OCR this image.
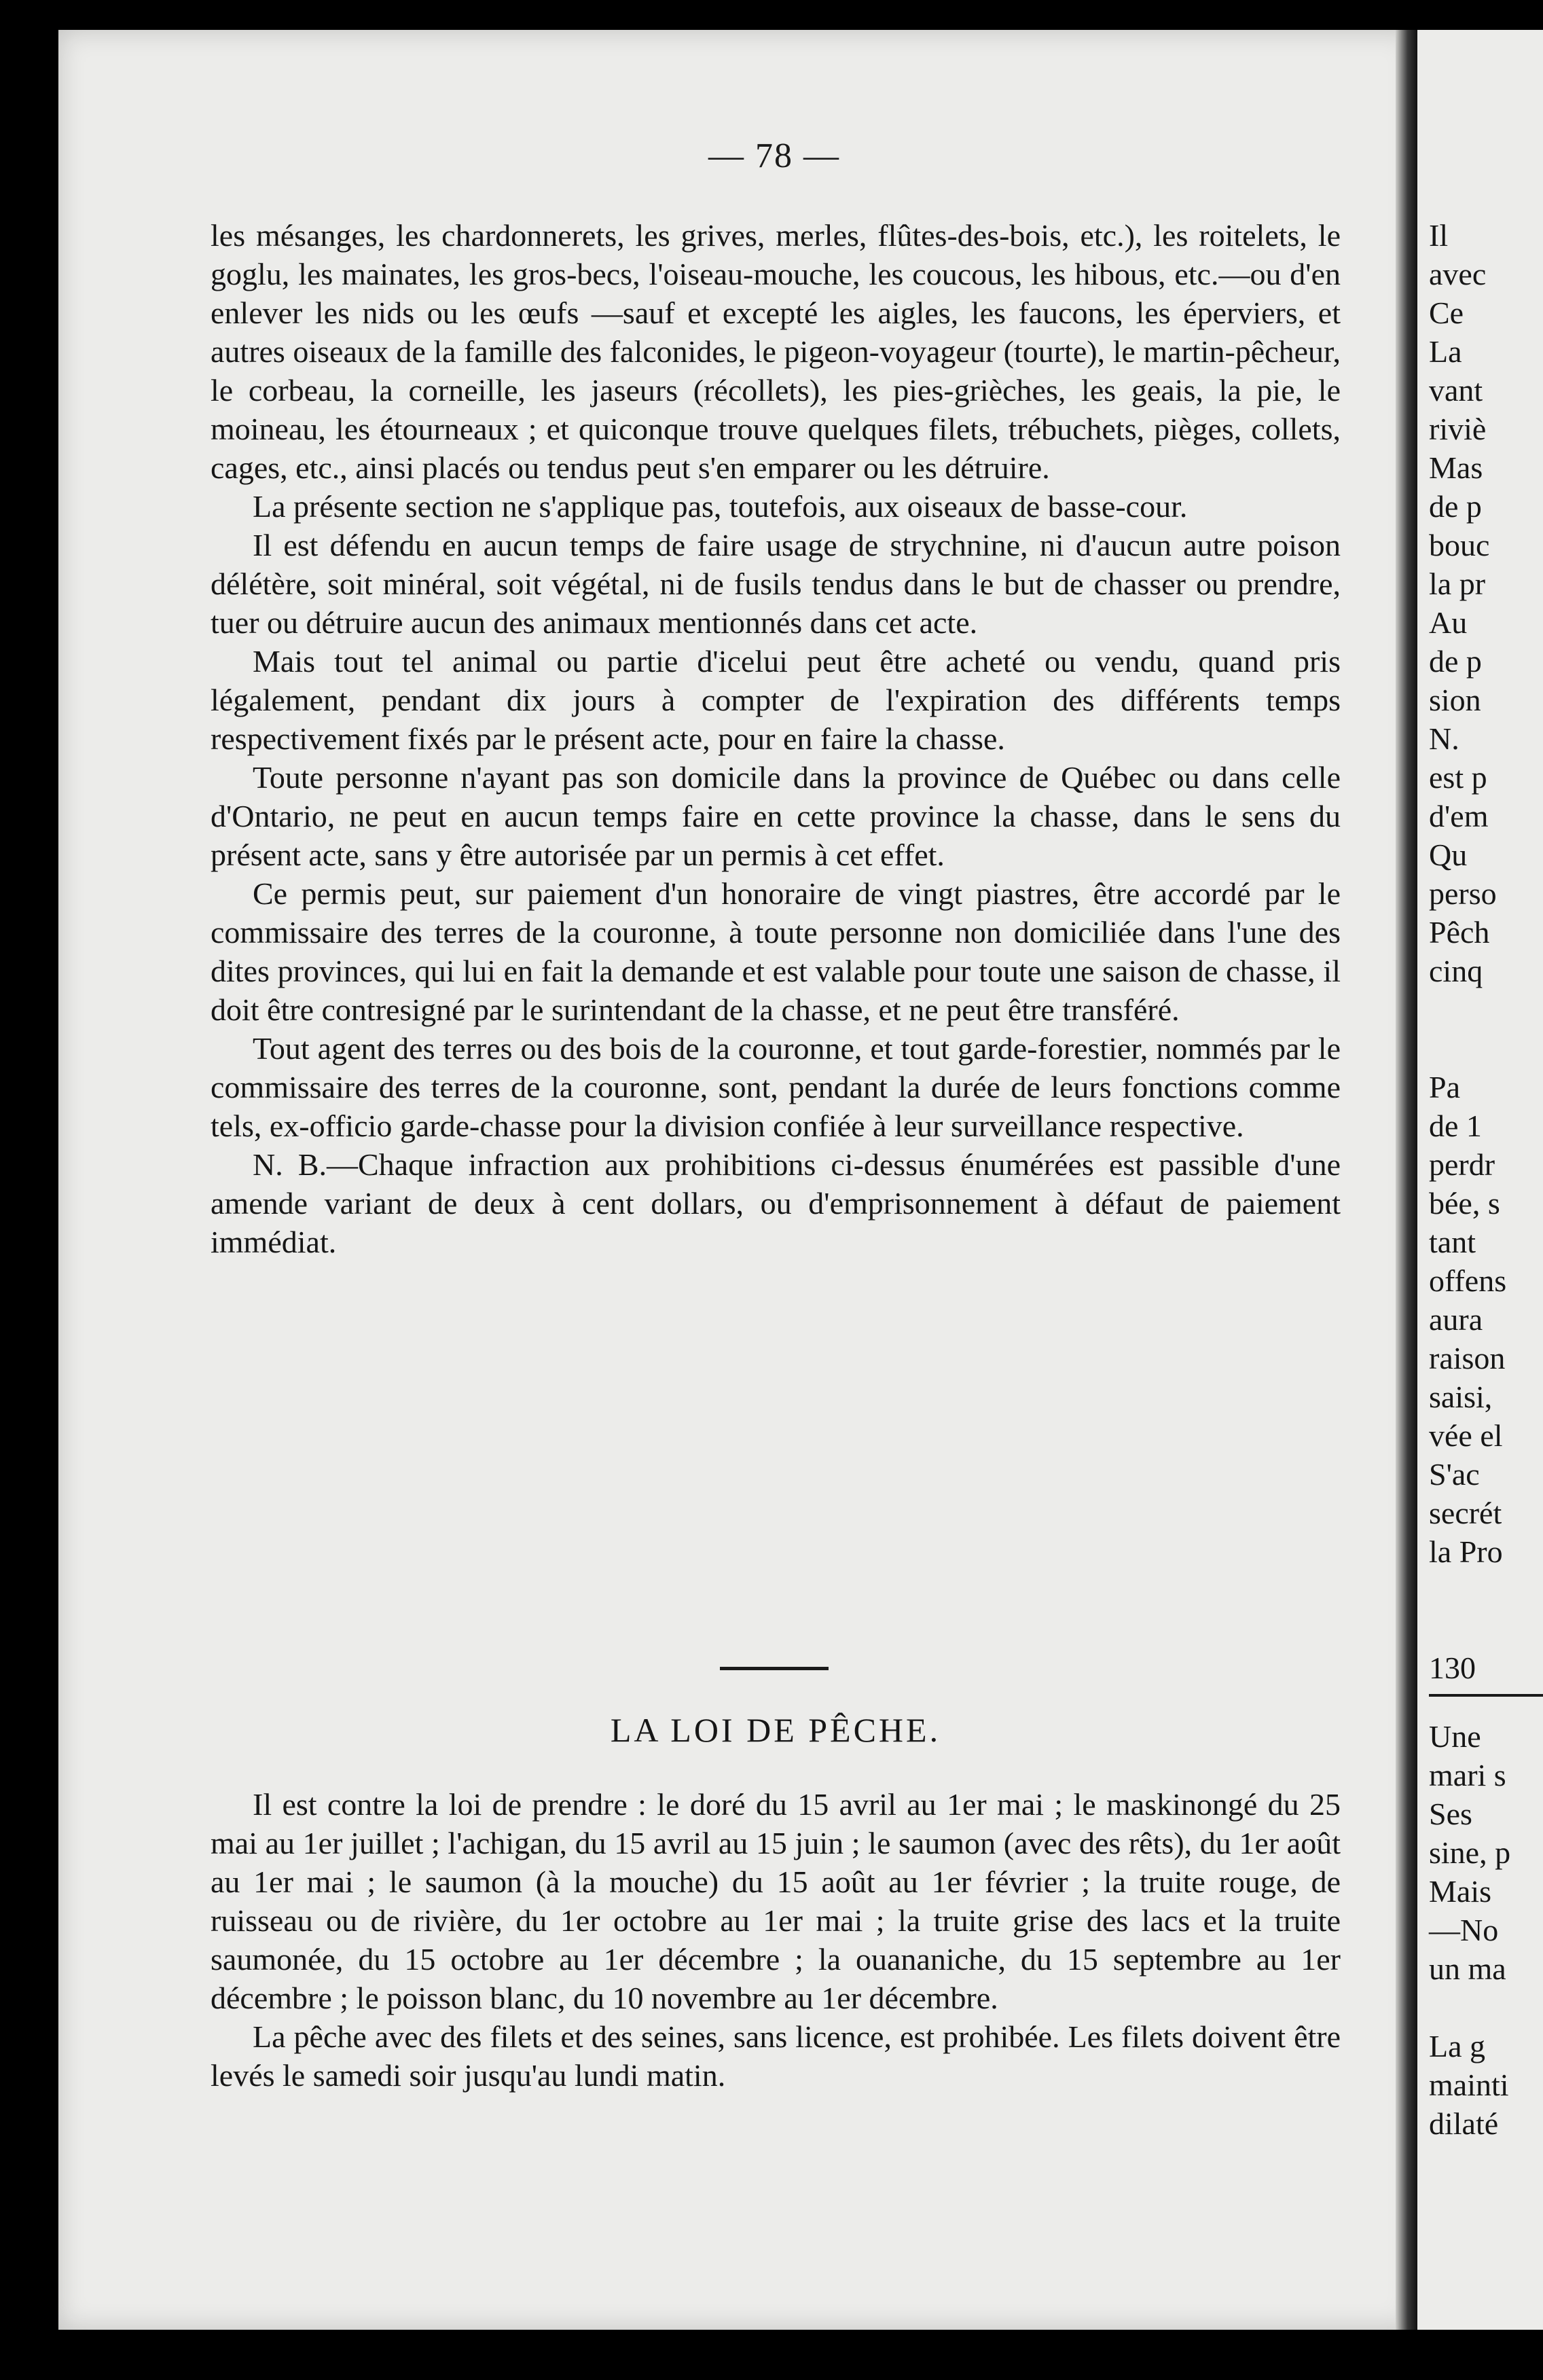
— 78 —

les mésanges, les chardonnerets, les grives, merles, flûtes-des-bois, etc.), les roitelets, le goglu, les mainates, les gros-becs, l'oiseau-mouche, les coucous, les hibous, etc.—ou d'en enlever les nids ou les œufs —sauf et excepté les aigles, les faucons, les éperviers, et autres oiseaux de la famille des falconides, le pigeon-voyageur (tourte), le martin-pêcheur, le corbeau, la corneille, les jaseurs (récollets), les pies-grièches, les geais, la pie, le moineau, les étourneaux ; et quiconque trouve quelques filets, trébuchets, pièges, collets, cages, etc., ainsi placés ou tendus peut s'en emparer ou les détruire.

La présente section ne s'applique pas, toutefois, aux oiseaux de basse-cour.

Il est défendu en aucun temps de faire usage de strychnine, ni d'aucun autre poison délétère, soit minéral, soit végétal, ni de fusils tendus dans le but de chasser ou prendre, tuer ou détruire aucun des animaux mentionnés dans cet acte.

Mais tout tel animal ou partie d'icelui peut être acheté ou vendu, quand pris légalement, pendant dix jours à compter de l'expiration des différents temps respectivement fixés par le présent acte, pour en faire la chasse.

Toute personne n'ayant pas son domicile dans la province de Québec ou dans celle d'Ontario, ne peut en aucun temps faire en cette province la chasse, dans le sens du présent acte, sans y être autorisée par un permis à cet effet.

Ce permis peut, sur paiement d'un honoraire de vingt piastres, être accordé par le commissaire des terres de la couronne, à toute personne non domiciliée dans l'une des dites provinces, qui lui en fait la demande et est valable pour toute une saison de chasse, il doit être contresigné par le surintendant de la chasse, et ne peut être transféré.

Tout agent des terres ou des bois de la couronne, et tout garde-forestier, nommés par le commissaire des terres de la couronne, sont, pendant la durée de leurs fonctions comme tels, ex-officio garde-chasse pour la division confiée à leur surveillance respective.

N. B.—Chaque infraction aux prohibitions ci-dessus énumérées est passible d'une amende variant de deux à cent dollars, ou d'emprisonnement à défaut de paiement immédiat.

LA LOI DE PÊCHE.

Il est contre la loi de prendre : le doré du 15 avril au 1er mai ; le maskinongé du 25 mai au 1er juillet ; l'achigan, du 15 avril au 15 juin ; le saumon (avec des rêts), du 1er août au 1er mai ; le saumon (à la mouche) du 15 août au 1er février ; la truite rouge, de ruisseau ou de rivière, du 1er octobre au 1er mai ; la truite grise des lacs et la truite saumonée, du 15 octobre au 1er décembre ; la ouananiche, du 15 septembre au 1er décembre ; le poisson blanc, du 10 novembre au 1er décembre.

La pêche avec des filets et des seines, sans licence, est prohibée. Les filets doivent être levés le samedi soir jusqu'au lundi matin.

Il
avec
Ce
La
vant
riviè
Mas
de p
bouc
la pr
Au
de p
sion
N.
est p
d'em
Qu
perso
Pêch
cinq
Pa
de 1
perdr
bée, s
tant
offens
aura
raison
saisi,
vée el
S'ac
secrét
la Pro
130
Une
mari s
Ses
sine, p
Mais
—No
un ma
La g
mainti
dilaté
